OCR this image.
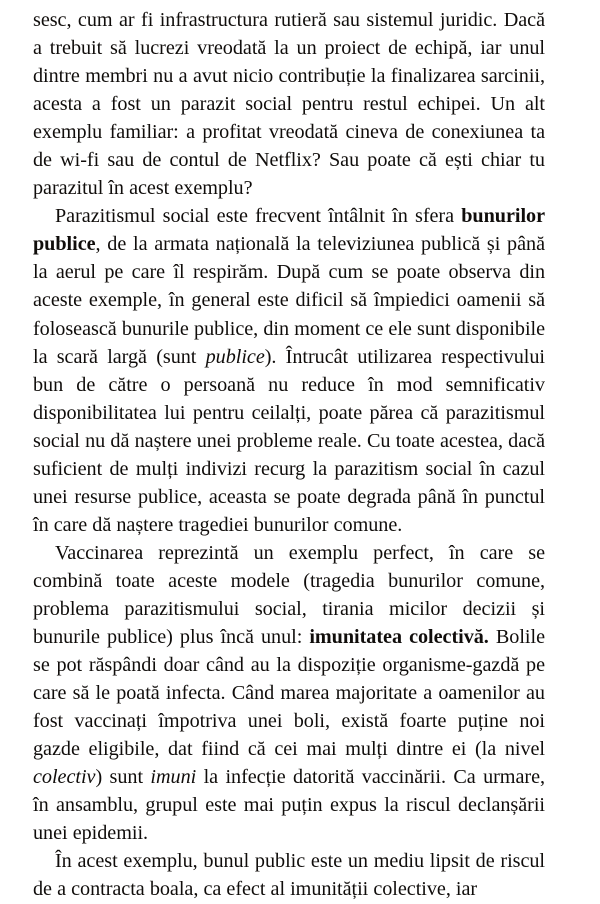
sesc, cum ar fi infrastructura rutieră sau sistemul juridic. Dacă a trebuit să lucrezi vreodată la un proiect de echipă, iar unul dintre membri nu a avut nicio contribuție la finalizarea sarcinii, acesta a fost un parazit social pentru restul echipei. Un alt exemplu familiar: a profitat vreodată cineva de conexiunea ta de wi-fi sau de contul de Netflix? Sau poate că ești chiar tu parazitul în acest exemplu?

Parazitismul social este frecvent întâlnit în sfera bunurilor publice, de la armata națională la televiziunea publică și până la aerul pe care îl respirăm. După cum se poate observa din aceste exemple, în general este dificil să împiedici oamenii să folosească bunurile publice, din moment ce ele sunt disponibile la scară largă (sunt publice). Întrucât utilizarea respectivului bun de către o persoană nu reduce în mod semnificativ disponibilitatea lui pentru ceilalți, poate părea că parazitismul social nu dă naștere unei probleme reale. Cu toate acestea, dacă suficient de mulți indivizi recurg la parazitism social în cazul unei resurse publice, aceasta se poate degrada până în punctul în care dă naștere tragediei bunurilor comune.

Vaccinarea reprezintă un exemplu perfect, în care se combină toate aceste modele (tragedia bunurilor comune, problema parazitismului social, tirania micilor decizii și bunurile publice) plus încă unul: imunitatea colectivă. Bolile se pot răspândi doar când au la dispoziție organisme-gazdă pe care să le poată infecta. Când marea majoritate a oamenilor au fost vaccinați împotriva unei boli, există foarte puține noi gazde eligibile, dat fiind că cei mai mulți dintre ei (la nivel colectiv) sunt imuni la infecție datorită vaccinării. Ca urmare, în ansamblu, grupul este mai puțin expus la riscul declanșării unei epidemii.

În acest exemplu, bunul public este un mediu lipsit de riscul de a contracta boala, ca efect al imunității colective, iar
